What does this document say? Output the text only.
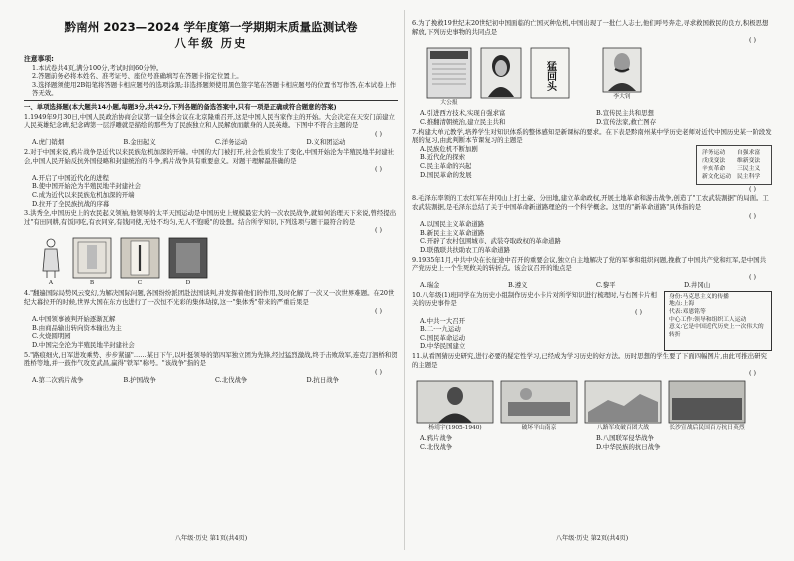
黔南州 2023—2024 学年度第一学期期末质量监测试卷
八年级 历史
注意事项:
1.本试卷共4页,满分100分,考试时间60分钟。
2.答题前务必将本姓名、准考证号、座位号准确填写在答题卡指定位置上。
3.选择题须使用2B铅笔将答题卡相应题号的选项涂黑;非选择题须使用黑色签字笔在答题卡相应题号的位置书写作答,在本试卷上作答无效。
一、单项选择题(本大题共14小题,每题3分,共42分,下列各题的备选答案中,只有一项是正确或符合题意的答案)
1.1949年9月30日,中国人民政治协商会议第一届全体会议在北京隆重召开,这是中国人民当家作主的开始。大会决定在天安门前建立人民英雄纪念碑,纪念碑第一层浮雕就是描绘的那些为了民族独立和人民解放而献身的人民英雄。下图中不符合主题的是
( )
A.虎门销烟	B.金田起义	C.洋务运动	D.义和团运动
2.对于中国来说,鸦片战争是近代以来民族危机加深的开端。中国的大门被打开,社会性质发生了变化,中国开始沦为半殖民地半封建社会,中国人民开始反抗外国侵略和封建统治的斗争,鸦片战争具有重要意义。对题干理解最准确的是
( )
A.开启了中国近代化的进程
B.使中国开始沦为半殖民地半封建社会
C.成为近代以来民族危机加深的开端
D.拉开了全民族抗战的序幕
3.洪秀全,中国历史上的农民起义领袖,他领导的太平天国运动是中国历史上规模最宏大的一次农民战争,就如何治理天下来说,曾经提出过"有田同耕,有饭同吃,有衣同穿,有钱同使,无处不均匀,无人不饱暖"的设想。结合所学知识,下列选项与题干最符合的是
( )
A	B	C	D
4."翻遍国际局势风云变幻,为解决国际问题,各国纷纷派团赴法国谈判,并发挥着他们的作用,及时化解了一次又一次世界难题。在20世纪大幕拉开的时候,世界大国在东方也进行了一次恒不光彩的集体劫掠,这一"集体秀"带来的严重后果是
( )
A.中国领事被判开始逐渐瓦解
B.由商品输出转向资本输出为主
C.火烧圆明园
D.中国完全沦为半殖民地半封建社会
5."路痕细火,日军进攻乘势、步步紧逼"……某日下午,以叶挺领导的第四军独立团为先锋,经过猛烈激战,终于击败敌军,连克汀泗桥和贺胜桥等地,并一鼓作气攻克武昌,赢得"铁军"称号。"该战争"指的是
( )
A.第二次鸦片战争	B.护国战争	C.北伐战争	D.抗日战争
八年级·历史 第1页(共4页)
6.为了挽救19世纪末20世纪初中国面临的亡国灭种危机,中国出现了一批仁人志士,他们呼号奔走,寻求救国救民的良方,积极思想解放,下列历史事物的共同点是
( )
大公报
猛回头
李大钊
A.引进西方技术,实现自强求富	B.宣传民主共和思想
C.推翻清朝统治,建立民主共和	D.宣传法家,救亡图存
7.构建大单元教学,培养学生对知识体系的整体感知是新课标的要求。在下表是黔南州某中学历史老师对近代中国历史某一阶段发展的复习,由此判断本节课复习的主题是
A.民族危机不断加剧
B.近代化的探索
C.民主革命的兴起
D.国民革命的发展
洋务运动	自强求富
戊戌变法	维新变法
辛亥革命	三民主义
新文化运动 民主科学
( )
8.毛泽东率领的工农红军在井冈山上打土豪、分田地,建立革命政权,开展土地革命和游击战争,创造了"工农武装割据"的局面。工农武装割据,是毛泽东总结了关于中国革命新道路理论的一个科学概念。这里的"新革命道路"具体指的是
( )
A.以国民主义革命道路
B.新民主主义革命道路
C.开辟了农村包围城市、武装夺取政权的革命道路
D.联俄联共扶助农工的革命道路
9.1935年1月,中共中央在长征途中召开的重要会议,独立自主地解决了党的军事和组织问题,挽救了中国共产党和红军,是中国共产党历史上一个生死攸关的转折点。该会议召开的地点是
( )
A.瑞金	B.遵义	C.黎平	D.井冈山
10.八年级(1)班同学在为历史小组制作历史小卡片对所学知识进行梳理时,与右图卡片相关的历史事件是
( )
A.中共一大召开
B.二·一九运动
C.国民革命运动
D.中华民国建立
身份:马克思主义的传播
地点:上海
代表:邓恩铭等
中心工作:领导和组织工人运动
意义:它是中国近代历史上一次伟大的转折
11.从看图猜历史研究,进行必要的疑定性学习,已经成为学习历史的好方法。历时思想的学生要了下面四幅图片,由此可推出研究的主题是
( )
杨靖宇(1905-1940)	破坏平山南京	八路军攻破百团大战	长沙宣战后民国百万抗日英烈
A.鸦片战争	B.八国联军侵华战争
C.北伐战争	D.中华民族的抗日战争
八年级·历史 第2页(共4页)
